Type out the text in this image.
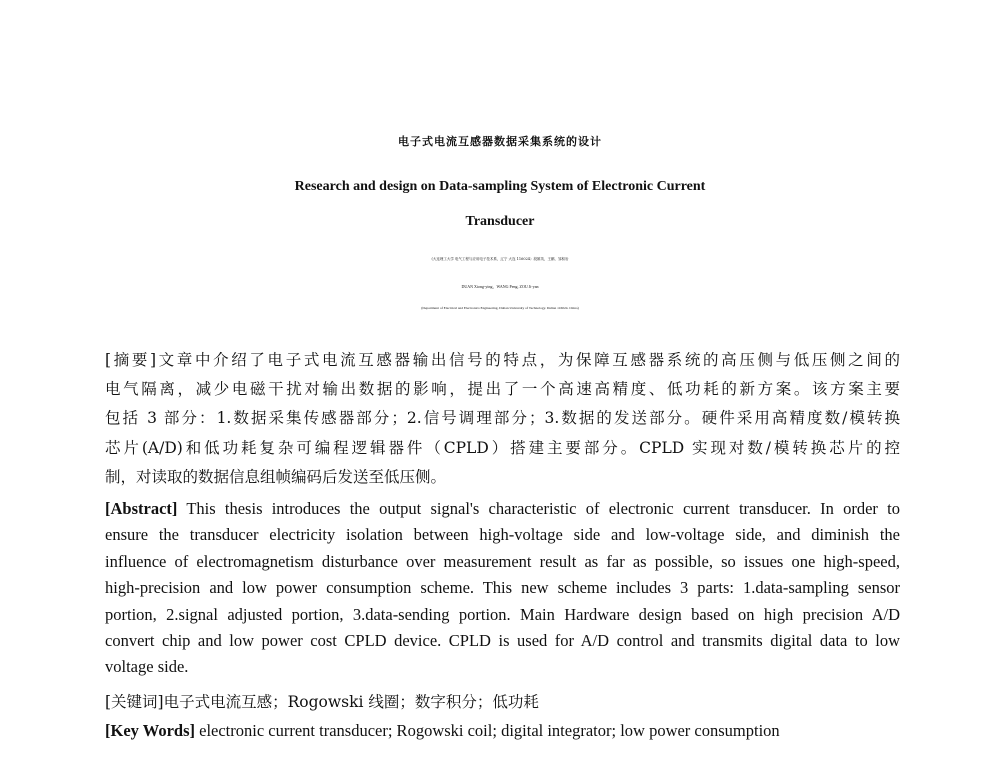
电子式电流互感器数据采集系统的设计
Research and design on Data-sampling System of Electronic Current
Transducer
(大连理工大学 电气工程与应用电子技术系，辽宁 大连 116024）段雄英，王鹏，邹积岩
DUAN Xiong-ying，WANG Peng, ZOU Ji-yan
(Department of Electrical and Electronics Engineering, Dalian University of Technology. Dalian 116024. China)
[摘要]文章中介绍了电子式电流互感器输出信号的特点，为保障互感器系统的高压侧与低压侧之间的
电气隔离，减少电磁干扰对输出数据的影响，提出了一个高速高精度、低功耗的新方案。该方案主要
包括 3 部分：1.数据采集传感器部分；2.信号调理部分；3.数据的发送部分。硬件采用高精度数/模转换
芯片(A/D)和低功耗复杂可编程逻辑器件（CPLD）搭建主要部分。CPLD 实现对数/模转换芯片的控
制，对读取的数据信息组帧编码后发送至低压侧。
[Abstract] This thesis introduces the output signal's characteristic of electronic current transducer. In order to
ensure the transducer electricity isolation between high-voltage side and low-voltage side, and diminish the
influence of electromagnetism disturbance over measurement result as far as possible, so issues one high-speed,
high-precision and low power consumption scheme. This new scheme includes 3 parts: 1.data-sampling sensor
portion, 2.signal adjusted portion, 3.data-sending portion. Main Hardware design based on high precision A/D
convert chip and low power cost CPLD device. CPLD is used for A/D control and transmits digital data to low
voltage side.
[关键词]电子式电流互感；Rogowski 线圈；数字积分；低功耗
[Key Words] electronic current transducer; Rogowski coil; digital integrator; low power consumption
